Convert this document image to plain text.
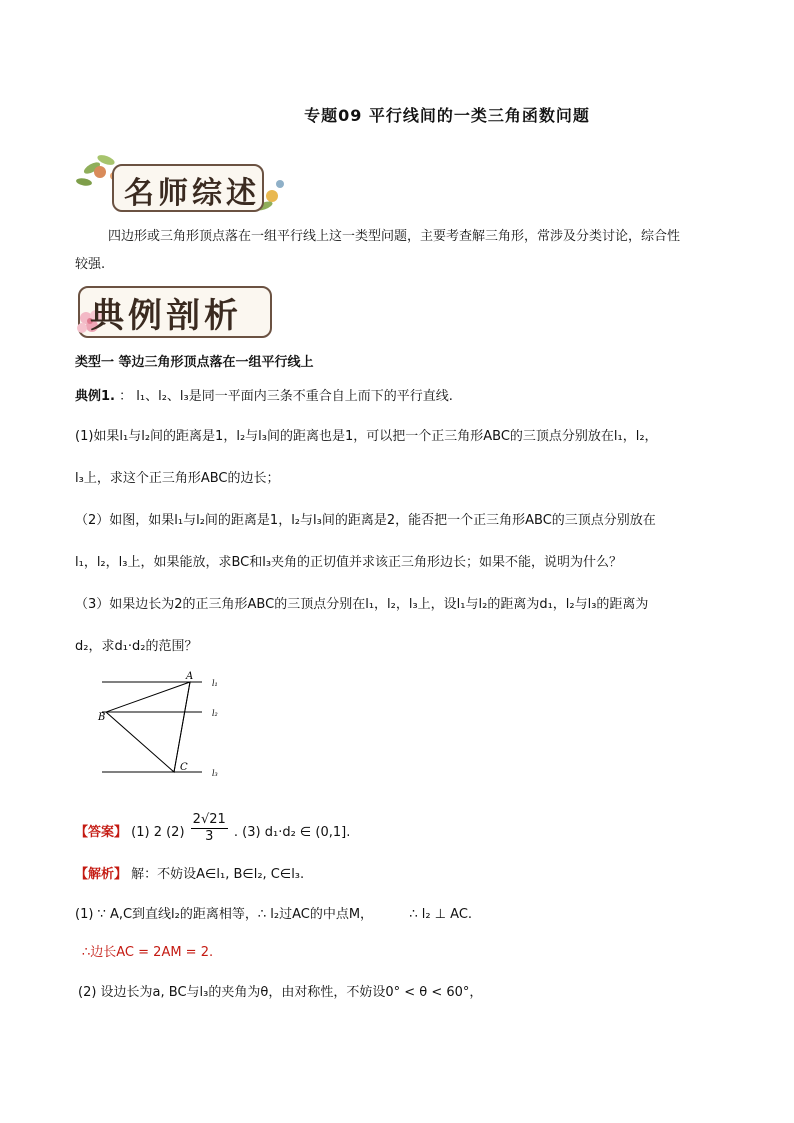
专题09 平行线间的一类三角函数问题
名师综述
四边形或三角形顶点落在一组平行线上这一类型问题，主要考查解三角形，常涉及分类讨论，综合性
较强.
典例剖析
类型一 等边三角形顶点落在一组平行线上
典例1. ： l₁、l₂、l₃是同一平面内三条不重合自上而下的平行直线.
(1)如果l₁与l₂间的距离是1，l₂与l₃间的距离也是1，可以把一个正三角形ABC的三顶点分别放在l₁，l₂，
l₃上，求这个正三角形ABC的边长；
（2）如图，如果l₁与l₂间的距离是1，l₂与l₃间的距离是2，能否把一个正三角形ABC的三顶点分别放在
l₁，l₂，l₃上，如果能放，求BC和l₃夹角的正切值并求该正三角形边长；如果不能，说明为什么？
（3）如果边长为2的正三角形ABC的三顶点分别在l₁，l₂，l₃上，设l₁与l₂的距离为d₁，l₂与l₃的距离为
d₂，求d₁·d₂的范围？
A
B
C
l₁
l₂
l₃
【答案】 (1) 2 $(2) \frac{2√21}{3}$ . (3) d₁·d₂ ∈ (0,1].
【解析】 解：不妨设A∈l₁, B∈l₂, C∈l₃.
(1) ∵ A,C到直线l₂的距离相等，∴ l₂过AC的中点M，	∴ l₂ ⊥ AC.
∴边长AC = 2AM = 2.
(2) 设边长为a, BC与l₃的夹角为θ，由对称性，不妨设0° < θ < 60°，
